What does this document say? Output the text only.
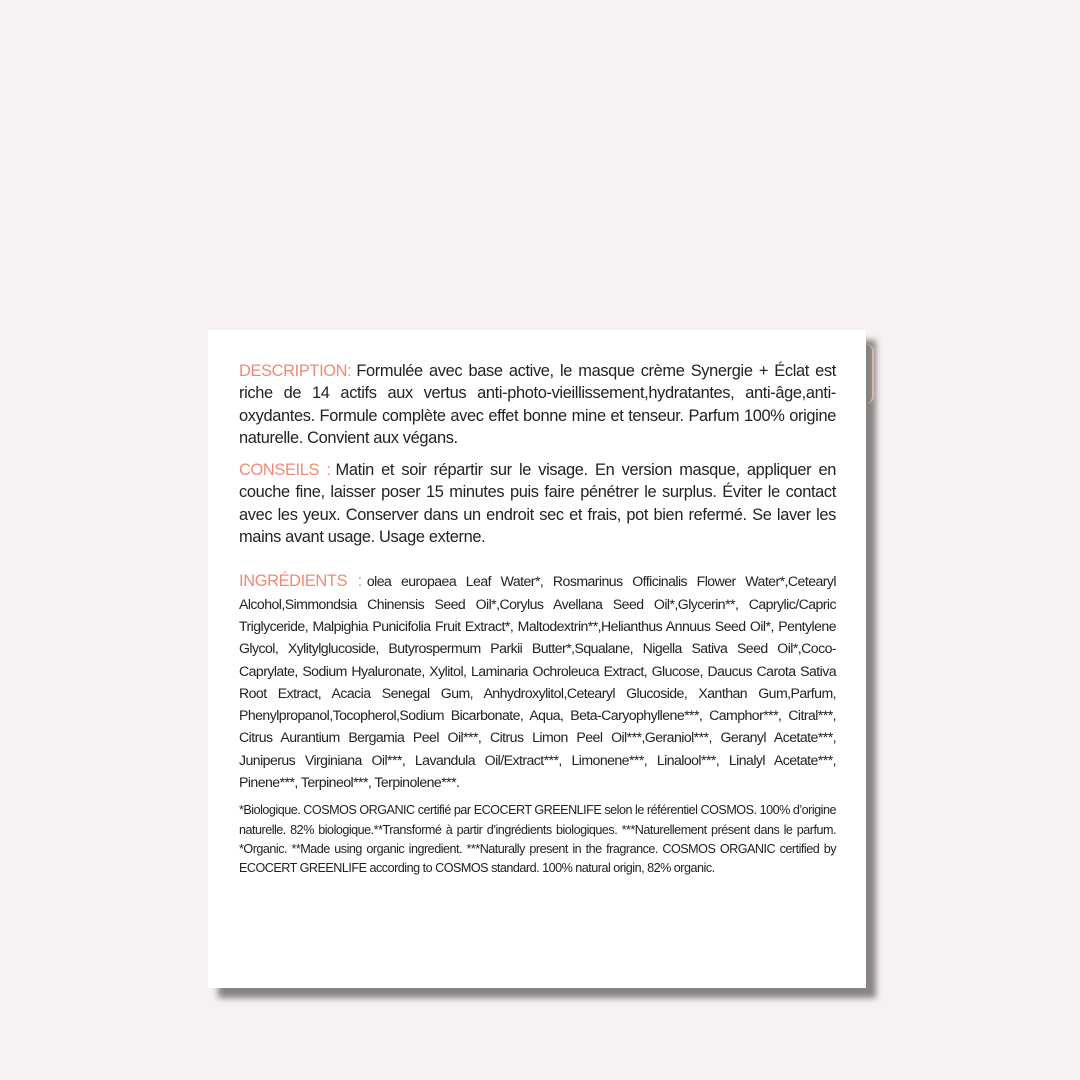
DESCRIPTION: Formulée avec base active, le masque crème Synergie + Éclat est riche de 14 actifs aux vertus anti-photo-vieillissement,hydratantes, anti-âge,anti-oxydantes. Formule complète avec effet bonne mine et tenseur. Parfum 100% origine naturelle. Convient aux végans.

CONSEILS : Matin et soir répartir sur le visage. En version masque, appliquer en couche fine, laisser poser 15 minutes puis faire pénétrer le surplus. Éviter le contact avec les yeux. Conserver dans un endroit sec et frais, pot bien refermé. Se laver les mains avant usage. Usage externe.

INGRÉDIENTS : olea europaea Leaf Water*, Rosmarinus Officinalis Flower Water*,Cetearyl Alcohol,Simmondsia Chinensis Seed Oil*,Corylus Avellana Seed Oil*,Glycerin**, Caprylic/Capric Triglyceride, Malpighia Punicifolia Fruit Extract*, Maltodextrin**,Helianthus Annuus Seed Oil*, Pentylene Glycol, Xylitylglucoside, Butyrospermum Parkii Butter*,Squalane, Nigella Sativa Seed Oil*,Coco-Caprylate, Sodium Hyaluronate, Xylitol, Laminaria Ochroleuca Extract, Glucose, Daucus Carota Sativa Root Extract, Acacia Senegal Gum, Anhydroxylitol,Cetearyl Glucoside, Xanthan Gum,Parfum, Phenylpropanol,Tocopherol,Sodium Bicarbonate, Aqua, Beta-Caryophyllene***, Camphor***, Citral***, Citrus Aurantium Bergamia Peel Oil***, Citrus Limon Peel Oil***,Geraniol***, Geranyl Acetate***, Juniperus Virginiana Oil***, Lavandula Oil/Extract***, Limonene***, Linalool***, Linalyl Acetate***, Pinene***, Terpineol***, Terpinolene***.

*Biologique. COSMOS ORGANIC certifié par ECOCERT GREENLIFE selon le référentiel COSMOS. 100% d’origine naturelle. 82% biologique.**Transformé à partir d’ingrédients biologiques. ***Naturellement présent dans le parfum. *Organic. **Made using organic ingredient. ***Naturally present in the fragrance. COSMOS ORGANIC certified by ECOCERT GREENLIFE according to COSMOS standard. 100% natural origin, 82% organic.
